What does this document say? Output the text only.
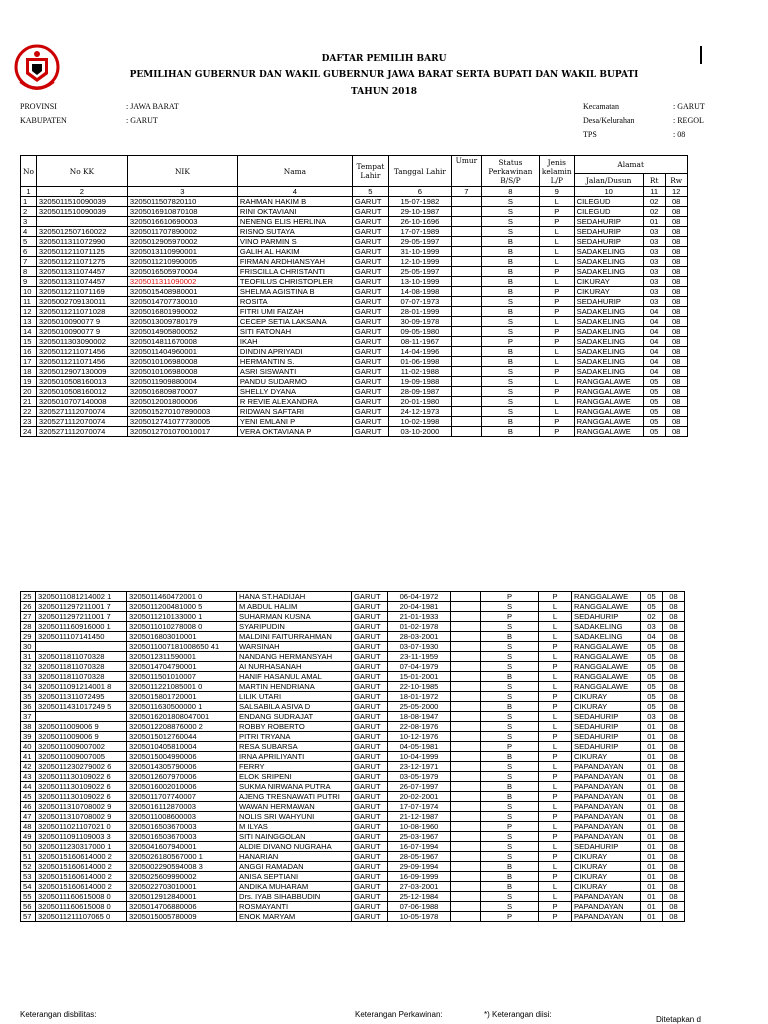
DAFTAR PEMILIH BARU
PEMILIHAN GUBERNUR DAN WAKIL GUBERNUR JAWA BARAT SERTA BUPATI DAN WAKIL BUPATI
TAHUN 2018
PROVINSI	: JAWA BARAT
KABUPATEN	: GARUT
Kecamatan	: GARUT
Desa/Kelurahan	: REGOL
TPS	: 08
No	No KK	NIK	Nama	Tempat Lahir	Tanggal Lahir	Umur	Status Perkawinan B/S/P	Jenis kelamin L/P	Alamat		
									Jalan/Dusun	Rt	Rw
1	2	3	4	5	6	7	8	9	10	11	12
1	3205011510090039	3205011507820110	RAHMAN HAKIM B	GARUT	15-07-1982		S	L	CILEGUD	02	08
2	3205011510090039	3205016910870108	RINI OKTAVIANI	GARUT	29-10-1987		S	P	CILEGUD	02	08
3		3205016610690003	NENENG ELIS HERLINA	GARUT	26-10-1696		S	P	SEDAHURIP	01	08
4	3205012507160022	3205011707890002	RISNO SUTAYA	GARUT	17-07-1989		S	L	SEDAHURIP	03	08
5	3205011311072990	3205012905970002	VINO PARMIN S	GARUT	29-05-1997		B	L	SEDAHURIP	03	08
6	3205011211071125	3205013110990001	GALIH AL HAKIM	GARUT	31-10-1999		B	L	SADAKELING	03	08
7	3205011211071275	3205011210990005	FIRMAN ARDHIANSYAH	GARUT	12-10-1999		B	L	SADAKELING	03	08
8	3205011311074457	3205016505970004	FRISCILLA CHRISTANTI	GARUT	25-05-1997		B	P	SADAKELING	03	08
9	3205011311074457	3205011311090002	TEOFILUS CHRISTOPLER	GARUT	13-10-1999		B	L	CIKURAY	03	08
10	3205011211071169	3205015408980001	SHELMA AGISTINA B	GARUT	14-08-1998		B	P	CIKURAY	03	08
11	3205002709130011	3205014707730010	ROSITA	GARUT	07-07-1973		S	P	SEDAHURIP	03	08
12	3205011211071028	3205016801990002	FITRI UMI FAIZAH	GARUT	28-01-1999		B	P	SADAKELING	04	08
13	3205010090077 9	3205013009780179	CECEP SETIA LAKSANA	GARUT	30-09-1978		S	L	SADAKELING	04	08
14	3205010090077 9	3205014905800052	SITI FATONAH	GARUT	09-05-1980		S	P	SADAKELING	04	08
15	3205011303090002	3205014811670008	IKAH	GARUT	08-11-1967		P	P	SADAKELING	04	08
16	3205011211071456	3205011404960001	DINDIN APRIYADI	GARUT	14-04-1996		B	L	SADAKELING	04	08
17	3205011211071456	3205010106980008	HERMANTIN S.	GARUT	01-06-1998		B	L	SADAKELING	04	08
18	3205012907130009	3205010106980008	ASRI SISWANTI	GARUT	11-02-1988		S	P	SADAKELING	04	08
19	3205010508160013	3205011909880004	PANDU SUDARMO	GARUT	19-09-1988		S	L	RANGGALAWE	05	08
20	3205010508160012	3205016809870007	SHELLY DYANA	GARUT	28-09-1987		S	P	RANGGALAWE	05	08
21	3205010707140008	3205012001800006	R REVIE ALEXANDRA	GARUT	20-01-1980		S	L	RANGGALAWE	05	08
22	3205271112070074	3205015270107890003	RIDWAN SAFTARI	GARUT	24-12-1973		S	L	RANGGALAWE	05	08
23	3205271112070074	3205012741077730005	YENI EMLANI P	GARUT	10-02-1998		B	P	RANGGALAWE	05	08
24	3205271112070074	3205012701070010017	VERA OKTAVIANA P	GARUT	03-10-2000		B	P	RANGGALAWE	05	08
25	3205011081214002 1	3205011460472001 0	HANA ST.HADIJAH	GARUT	06-04-1972		P	P	RANGGALAWE	05	08
26	3205011297211001 7	3205011200481000 5	M ABDUL HALIM	GARUT	20-04-1981		S	L	RANGGALAWE	05	08
27	3205011297211001 7	3205011210133000 1	SUHARMAN KUSNA	GARUT	21-01-1933		P	L	SEDAHURIP	02	08
28	3205011160916000 1	3205011010278008 0	SYARIPUDIN	GARUT	01-02-1978		S	L	SADAKELING	03	08
29	3205011107141450	3205016803010001	MALDINI FAITURRAHMAN	GARUT	28-03-2001		B	L	SADAKELING	04	08
30		3205011007181008650 41	WARSINAH	GARUT	03-07-1930		S	P	RANGGALAWE	05	08
31	3205011811070328	3205012311590001	NANDANG HERMANSYAH	GARUT	23-11-1959		S	L	RANGGALAWE	05	08
32	3205011811070328	3205014704790001	AI NURHASANAH	GARUT	07-04-1979		S	P	RANGGALAWE	05	08
33	3205011811070328	3205011501010007	HANIF HASANUL AMAL	GARUT	15-01-2001		B	L	RANGGALAWE	05	08
34	3205011091214001 8	3205011221085001 0	MARTIN HENDRIANA	GARUT	22-10-1985		S	L	RANGGALAWE	05	08
35	3205011311072495	3205015801720001	LILIK UTARI	GARUT	18-01-1972		S	P	CIKURAY	05	08
36	3205011431017249 5	3205011630500000 1	SALSABILA ASIVA D	GARUT	25-05-2000		B	P	CIKURAY	05	08
37		3205016201808047001	ENDANG SUDRAJAT	GARUT	18-08-1947		S	L	SEDAHURIP	03	08
38	3205011009006 9	3205012208876000 2	ROBBY ROBERTO	GARUT	22-08-1976		S	L	SEDAHURIP	01	08
39	3205011009006 9	3205015012760044	PITRI TRYANA	GARUT	10-12-1976		S	P	SEDAHURIP	01	08
40	3205011009007002	3205010405810004	RESA SUBARSA	GARUT	04-05-1981		P	L	SEDAHURIP	01	08
41	3205011009007005	3205015004990006	IRNA APRILIYANTI	GARUT	10-04-1999		B	P	CIKURAY	01	08
42	3205011230279002 6	3205014305790006	FERRY	GARUT	23-12-1971		S	L	PAPANDAYAN	01	08
43	3205011130109022 6	3205012607970006	ELOK SRIPENI	GARUT	03-05-1979		S	P	PAPANDAYAN	01	08
44	3205011130109022 6	3205016002010006	SUKMA NIRWANA PUTRA	GARUT	26-07-1997		B	L	PAPANDAYAN	01	08
45	3205011130109022 6	3205011707740007	AJENG TRESNAWATI PUTRI	GARUT	20-02-2001		B	P	PAPANDAYAN	01	08
46	3205011310708002 9	3205016112870003	WAWAN HERMAWAN	GARUT	17-07-1974		S	L	PAPANDAYAN	01	08
47	3205011310708002 9	3205011008600003	NOLIS SRI WAHYUNI	GARUT	21-12-1987		S	P	PAPANDAYAN	01	08
48	3205011021107021 0	3205016503670003	M ILYAS	GARUT	10-08-1960		P	L	PAPANDAYAN	01	08
49	3205011091109003 3	3205016503670003	SITI NAINGGOLAN	GARUT	25-03-1967		S	P	PAPANDAYAN	01	08
50	3205011230317000 1	3205041607940001	ALDIE DIVANO NUGRAHA	GARUT	16-07-1994		S	L	SEDAHURIP	01	08
51	3205015160614000 2	3205026180567000 1	HANARIAN	GARUT	28-05-1967		S	P	CIKURAY	01	08
52	3205015160614000 2	3205002290594008 3	ANGGI RAMADAN	GARUT	29-09-1994		B	L	CIKURAY	01	08
53	3205015160614000 2	3205025609990002	ANISA SEPTIANI	GARUT	16-09-1999		B	P	CIKURAY	01	08
54	3205015160614000 2	3205022703010001	ANDIKA MUHARAM	GARUT	27-03-2001		B	L	CIKURAY	01	08
55	3205011160615008 0	3205012912840001	Drs. IYAB SIHABBUDIN	GARUT	25-12-1984		S	L	PAPANDAYAN	01	08
56	3205011160615008 0	3205014706880006	ROSMAYANTI	GARUT	07-06-1988		S	P	PAPANDAYAN	01	08
57	3205011211107065 0	3205015005780009	ENOK MARYAM	GARUT	10-05-1978		P	P	PAPANDAYAN	01	08
Keterangan disbilitas:	Keterangan Perkawinan:	*) Keterangan diisi:
Ditetapkan d
